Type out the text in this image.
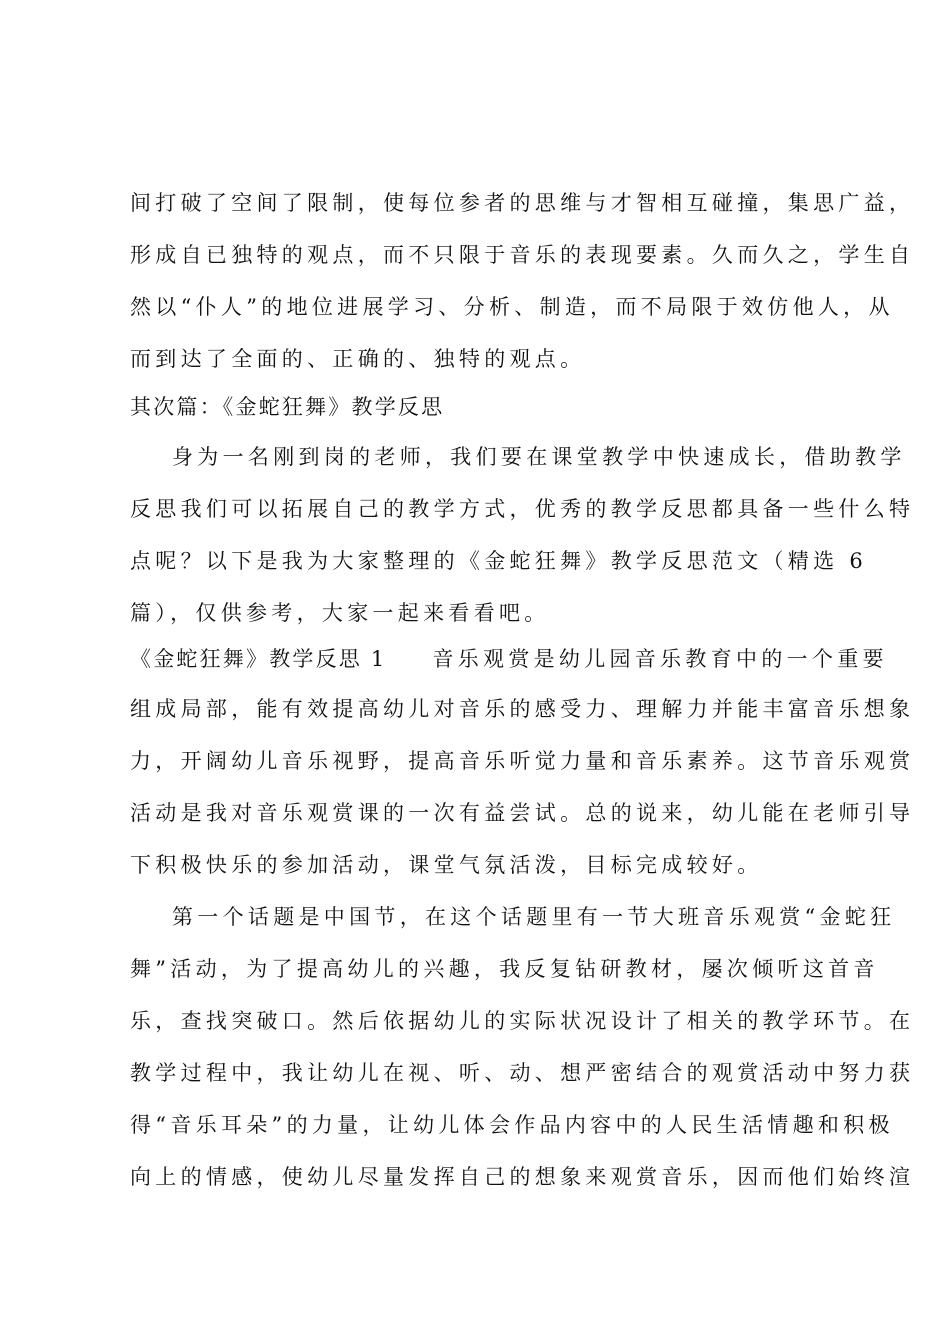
间打破了空间了限制，使每位参者的思维与才智相互碰撞，集思广益，
形成自已独特的观点，而不只限于音乐的表现要素。久而久之，学生自
然以“仆人”的地位进展学习、分析、制造，而不局限于效仿他人，从
而到达了全面的、正确的、独特的观点。
其次篇：《金蛇狂舞》教学反思
身为一名刚到岗的老师，我们要在课堂教学中快速成长，借助教学
反思我们可以拓展自己的教学方式，优秀的教学反思都具备一些什么特
点呢？以下是我为大家整理的《金蛇狂舞》教学反思范文（精选 6
篇），仅供参考，大家一起来看看吧。
《金蛇狂舞》教学反思 1 音乐观赏是幼儿园音乐教育中的一个重要
组成局部，能有效提高幼儿对音乐的感受力、理解力并能丰富音乐想象
力，开阔幼儿音乐视野，提高音乐听觉力量和音乐素养。这节音乐观赏
活动是我对音乐观赏课的一次有益尝试。总的说来，幼儿能在老师引导
下积极快乐的参加活动，课堂气氛活泼，目标完成较好。
第一个话题是中国节，在这个话题里有一节大班音乐观赏“金蛇狂
舞”活动，为了提高幼儿的兴趣，我反复钻研教材，屡次倾听这首音
乐，查找突破口。然后依据幼儿的实际状况设计了相关的教学环节。在
教学过程中，我让幼儿在视、听、动、想严密结合的观赏活动中努力获
得“音乐耳朵”的力量，让幼儿体会作品内容中的人民生活情趣和积极
向上的情感，使幼儿尽量发挥自己的想象来观赏音乐，因而他们始终渲
